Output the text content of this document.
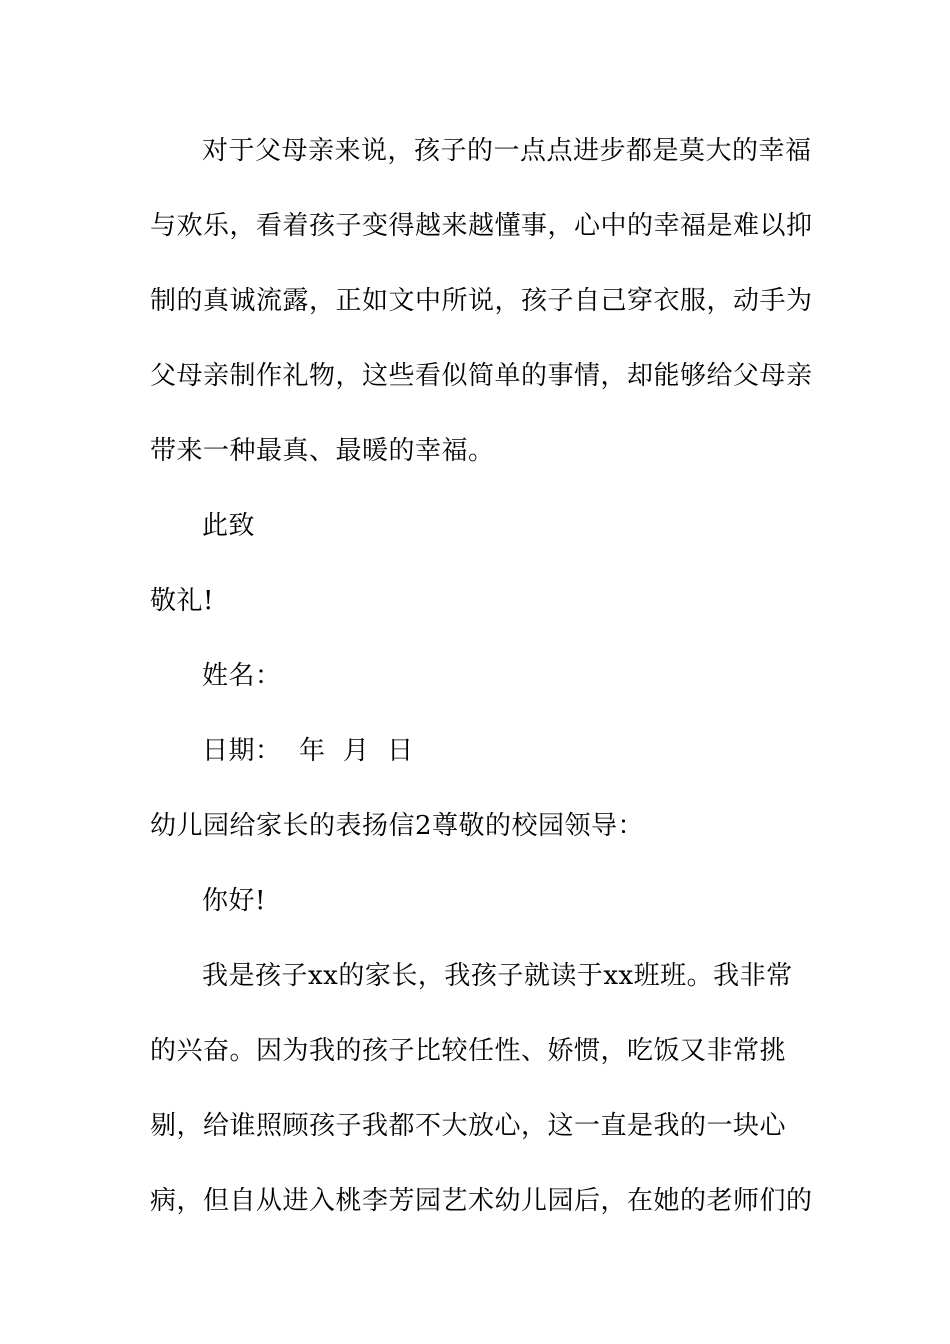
对于父母亲来说，孩子的一点点进步都是莫大的幸福
与欢乐，看着孩子变得越来越懂事，心中的幸福是难以抑
制的真诚流露，正如文中所说，孩子自己穿衣服，动手为
父母亲制作礼物，这些看似简单的事情，却能够给父母亲
带来一种最真、最暖的幸福。
此致
敬礼!
姓名：
日期：  年  月  日
幼儿园给家长的表扬信2尊敬的校园领导：
你好!
我是孩子xx的家长，我孩子就读于xx班班。我非常
的兴奋。因为我的孩子比较任性、娇惯，吃饭又非常挑
剔，给谁照顾孩子我都不大放心，这一直是我的一块心
病，但自从进入桃李芳园艺术幼儿园后，在她的老师们的
